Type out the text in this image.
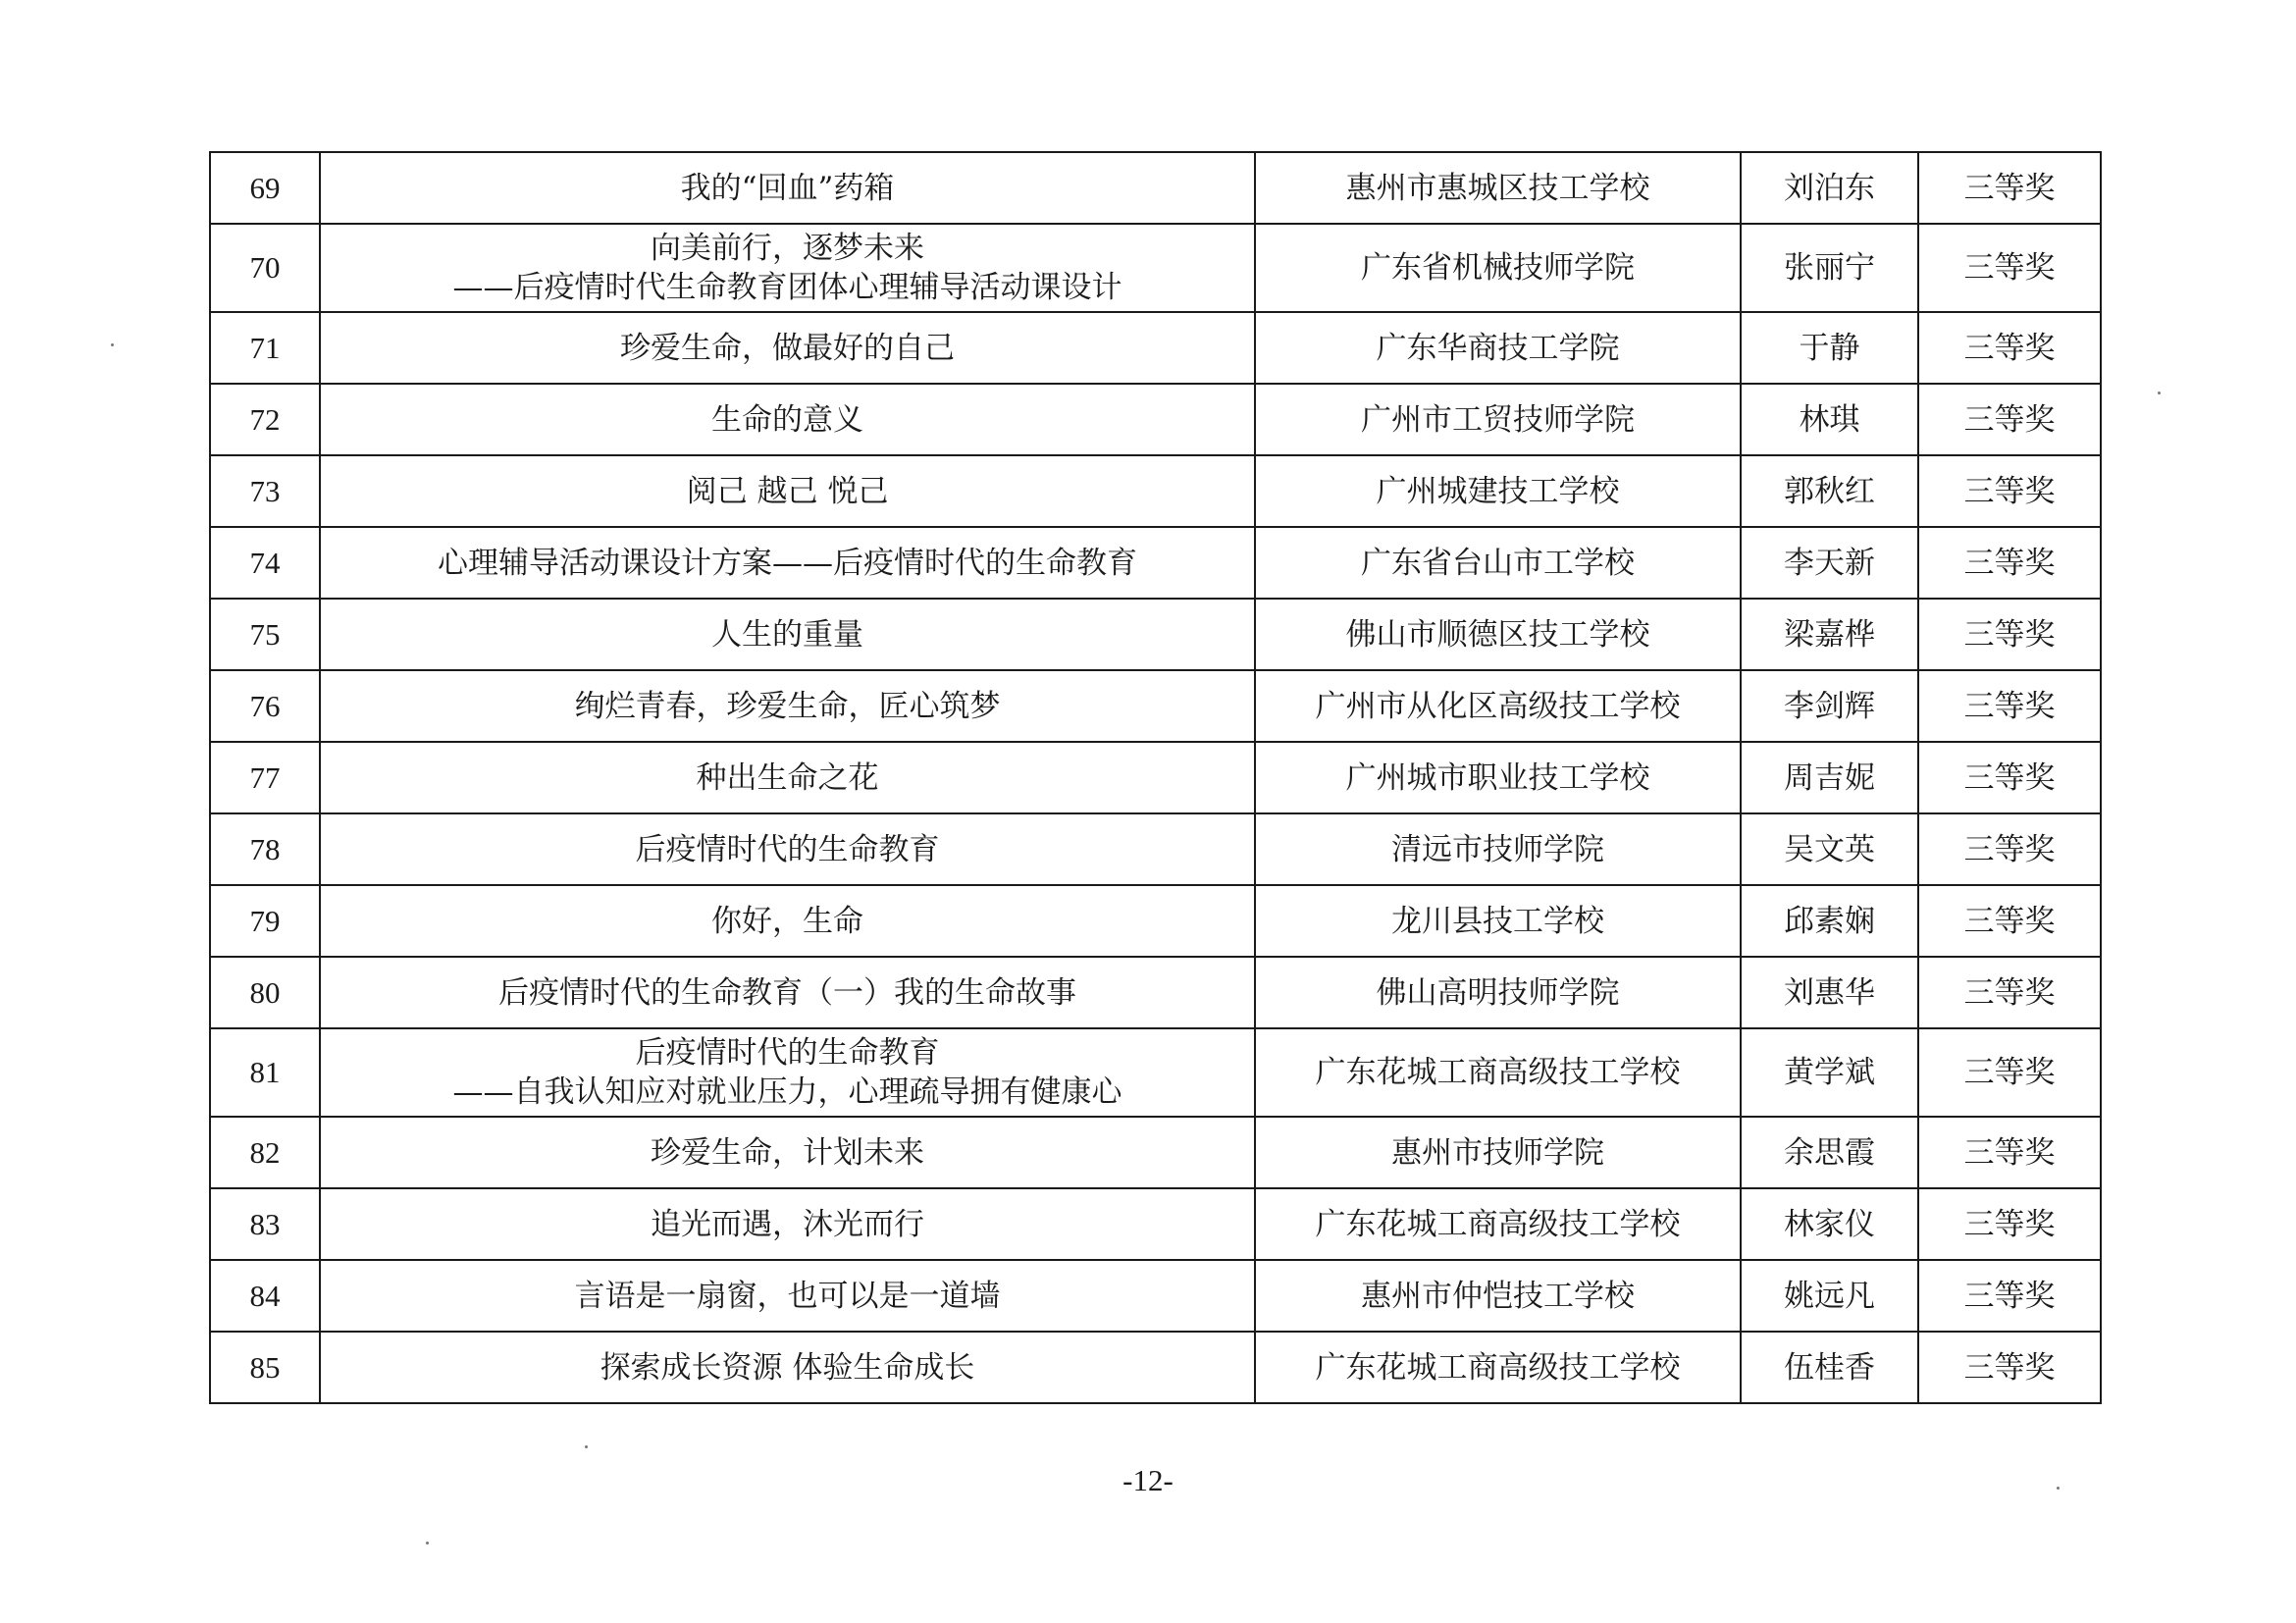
69	我的“回血”药箱	惠州市惠城区技工学校	刘泊东	三等奖
70	向美前行，逐梦未来
——后疫情时代生命教育团体心理辅导活动课设计	广东省机械技师学院	张丽宁	三等奖
71	珍爱生命，做最好的自己	广东华商技工学院	于静	三等奖
72	生命的意义	广州市工贸技师学院	林琪	三等奖
73	阅己 越己 悦己	广州城建技工学校	郭秋红	三等奖
74	心理辅导活动课设计方案——后疫情时代的生命教育	广东省台山市工学校	李天新	三等奖
75	人生的重量	佛山市顺德区技工学校	梁嘉桦	三等奖
76	绚烂青春，珍爱生命，匠心筑梦	广州市从化区高级技工学校	李剑辉	三等奖
77	种出生命之花	广州城市职业技工学校	周吉妮	三等奖
78	后疫情时代的生命教育	清远市技师学院	吴文英	三等奖
79	你好，生命	龙川县技工学校	邱素娴	三等奖
80	后疫情时代的生命教育（一）我的生命故事	佛山高明技师学院	刘惠华	三等奖
81	后疫情时代的生命教育
——自我认知应对就业压力，心理疏导拥有健康心	广东花城工商高级技工学校	黄学斌	三等奖
82	珍爱生命，计划未来	惠州市技师学院	余思霞	三等奖
83	追光而遇，沐光而行	广东花城工商高级技工学校	林家仪	三等奖
84	言语是一扇窗，也可以是一道墙	惠州市仲恺技工学校	姚远凡	三等奖
85	探索成长资源 体验生命成长	广东花城工商高级技工学校	伍桂香	三等奖
-12-
